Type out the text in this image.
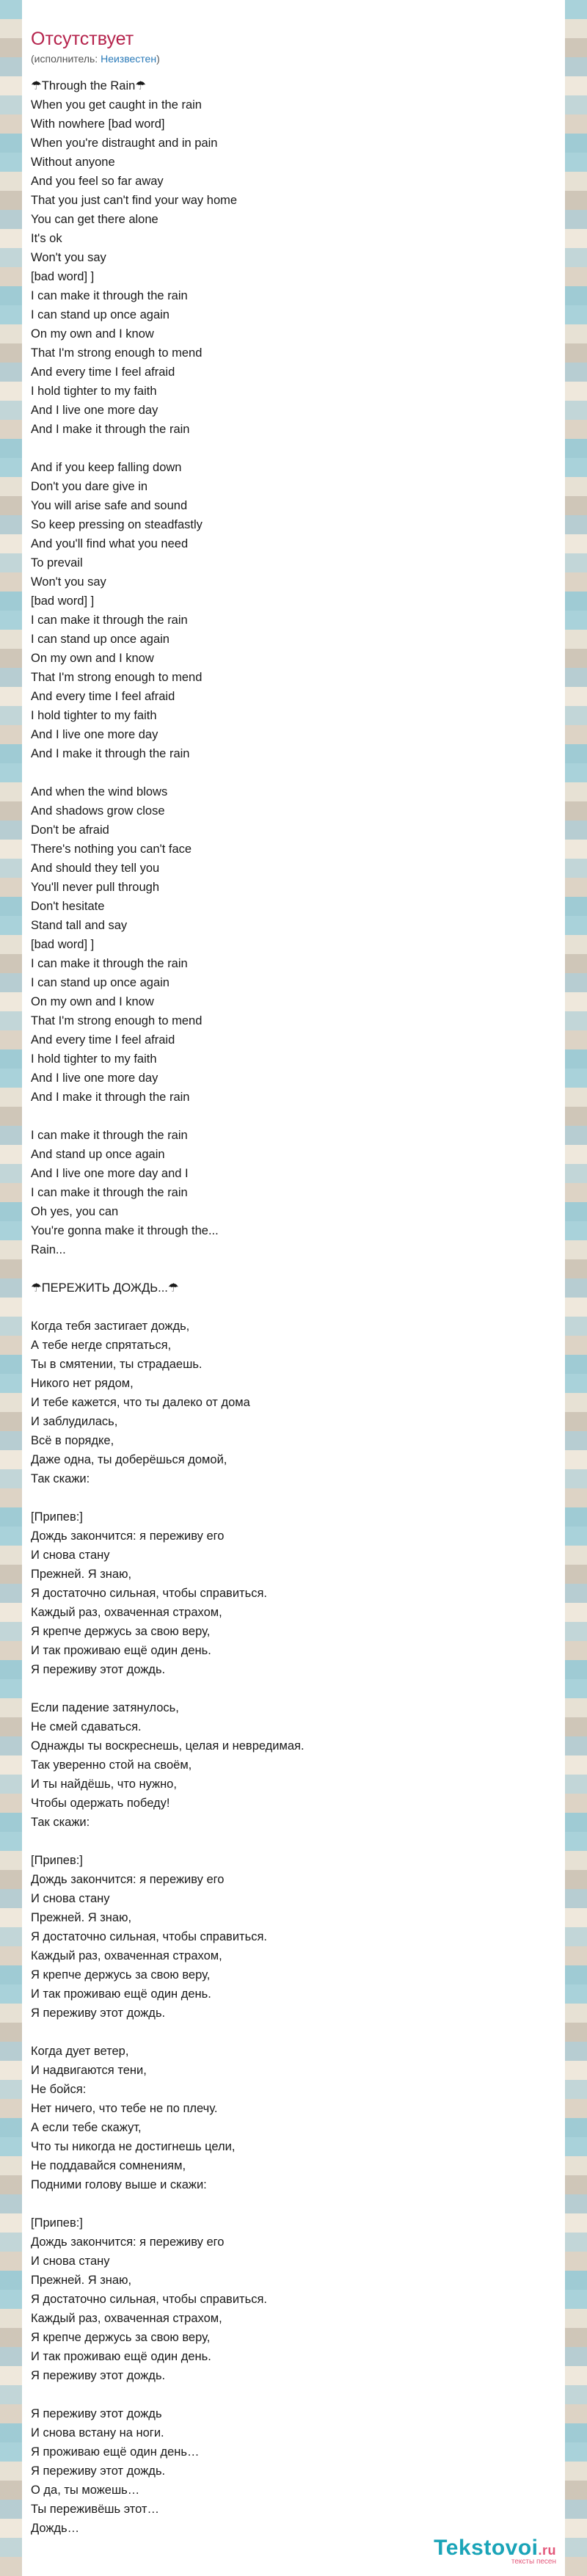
Отсутствует
(исполнитель: Неизвестен)
☂Through the Rain☂
When you get caught in the rain
With nowhere [bad word]
When you're distraught and in pain
Without anyone
And you feel so far away
That you just can't find your way home
You can get there alone
It's ok
Won't you say
[bad word] ]
I can make it through the rain
I can stand up once again
On my own and I know
That I'm strong enough to mend
And every time I feel afraid
I hold tighter to my faith
And I live one more day
And I make it through the rain
And if you keep falling down
Don't you dare give in
You will arise safe and sound
So keep pressing on steadfastly
And you'll find what you need
To prevail
Won't you say
[bad word] ]
I can make it through the rain
I can stand up once again
On my own and I know
That I'm strong enough to mend
And every time I feel afraid
I hold tighter to my faith
And I live one more day
And I make it through the rain
And when the wind blows
And shadows grow close
Don't be afraid
There's nothing you can't face
And should they tell you
You'll never pull through
Don't hesitate
Stand tall and say
[bad word] ]
I can make it through the rain
I can stand up once again
On my own and I know
That I'm strong enough to mend
And every time I feel afraid
I hold tighter to my faith
And I live one more day
And I make it through the rain
I can make it through the rain
And stand up once again
And I live one more day and I
I can make it through the rain
Oh yes, you can
You're gonna make it through the...
Rain...
☂ПЕРЕЖИТЬ ДОЖДЬ...☂
Когда тебя застигает дождь,
А тебе негде спрятаться,
Ты в смятении, ты страдаешь.
Никого нет рядом,
И тебе кажется, что ты далеко от дома
И заблудилась,
Всё в порядке,
Даже одна, ты доберёшься домой,
Так скажи:
[Припев:]
Дождь закончится: я переживу его
И снова стану
Прежней. Я знаю,
Я достаточно сильная, чтобы справиться.
Каждый раз, охваченная страхом,
Я крепче держусь за свою веру,
И так проживаю ещё один день.
Я переживу этот дождь.
Если падение затянулось,
Не смей сдаваться.
Однажды ты воскреснешь, целая и невредимая.
Так уверенно стой на своём,
И ты найдёшь, что нужно,
Чтобы одержать победу!
Так скажи:
[Припев:]
Дождь закончится: я переживу его
И снова стану
Прежней. Я знаю,
Я достаточно сильная, чтобы справиться.
Каждый раз, охваченная страхом,
Я крепче держусь за свою веру,
И так проживаю ещё один день.
Я переживу этот дождь.
Когда дует ветер,
И надвигаются тени,
Не бойся:
Нет ничего, что тебе не по плечу.
А если тебе скажут,
Что ты никогда не достигнешь цели,
Не поддавайся сомнениям,
Подними голову выше и скажи:
[Припев:]
Дождь закончится: я переживу его
И снова стану
Прежней. Я знаю,
Я достаточно сильная, чтобы справиться.
Каждый раз, охваченная страхом,
Я крепче держусь за свою веру,
И так проживаю ещё один день.
Я переживу этот дождь.
Я переживу этот дождь
И снова встану на ноги.
Я проживаю ещё один день…
Я переживу этот дождь.
О да, ты можешь…
Ты переживёшь этот…
Дождь…
Tekstovoi.ru
тексты песен
